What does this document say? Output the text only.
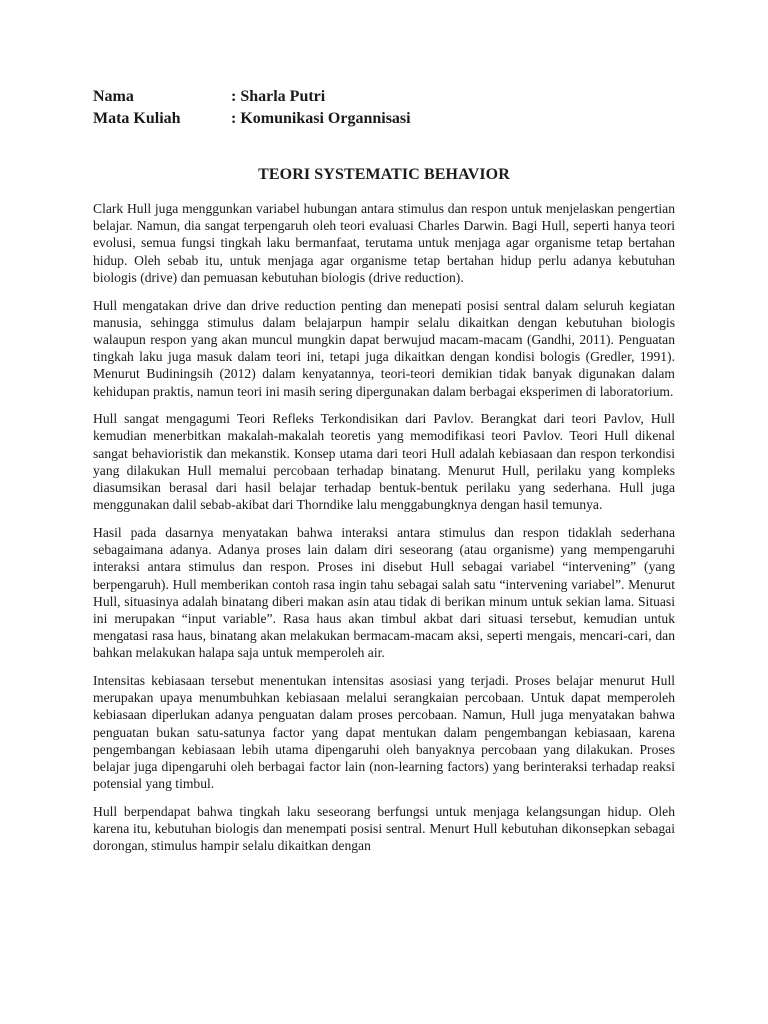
Nama	: Sharla Putri
Mata Kuliah	: Komunikasi Organnisasi
TEORI SYSTEMATIC BEHAVIOR

Clark Hull juga menggunkan variabel hubungan antara stimulus dan respon untuk menjelaskan pengertian belajar. Namun, dia sangat terpengaruh oleh teori evaluasi Charles Darwin. Bagi Hull, seperti hanya teori evolusi, semua fungsi tingkah laku bermanfaat, terutama untuk menjaga agar organisme tetap bertahan hidup. Oleh sebab itu, untuk menjaga agar organisme tetap bertahan hidup perlu adanya kebutuhan biologis (drive) dan pemuasan kebutuhan biologis (drive reduction).

Hull mengatakan drive dan drive reduction penting dan menepati posisi sentral dalam seluruh kegiatan manusia, sehingga stimulus dalam belajarpun hampir selalu dikaitkan dengan kebutuhan biologis walaupun respon yang akan muncul mungkin dapat berwujud macam-macam (Gandhi, 2011). Penguatan tingkah laku juga masuk dalam teori ini, tetapi juga dikaitkan dengan kondisi bologis (Gredler, 1991). Menurut Budiningsih (2012) dalam kenyatannya, teori-teori demikian tidak banyak digunakan dalam kehidupan praktis, namun teori ini masih sering dipergunakan dalam berbagai eksperimen di laboratorium.

Hull sangat mengagumi Teori Refleks Terkondisikan dari Pavlov. Berangkat dari teori Pavlov, Hull kemudian menerbitkan makalah-makalah teoretis yang memodifikasi teori Pavlov. Teori Hull dikenal sangat behavioristik dan mekanstik. Konsep utama dari teori Hull adalah kebiasaan dan respon terkondisi yang dilakukan Hull memalui percobaan terhadap binatang. Menurut Hull, perilaku yang kompleks diasumsikan berasal dari hasil belajar terhadap bentuk-bentuk perilaku yang sederhana. Hull juga menggunakan dalil sebab-akibat dari Thorndike lalu menggabungknya dengan hasil temunya.

Hasil pada dasarnya menyatakan bahwa interaksi antara stimulus dan respon tidaklah sederhana sebagaimana adanya. Adanya proses lain dalam diri seseorang (atau organisme) yang mempengaruhi interaksi antara stimulus dan respon. Proses ini disebut Hull sebagai variabel “intervening” (yang berpengaruh). Hull memberikan contoh rasa ingin tahu sebagai salah satu “intervening variabel”. Menurut Hull, situasinya adalah binatang diberi makan asin atau tidak di berikan minum untuk sekian lama. Situasi ini merupakan “input variable”. Rasa haus akan timbul akbat dari situasi tersebut, kemudian untuk mengatasi rasa haus, binatang akan melakukan bermacam-macam aksi, seperti mengais, mencari-cari, dan bahkan melakukan halapa saja untuk memperoleh air.

Intensitas kebiasaan tersebut menentukan intensitas asosiasi yang terjadi. Proses belajar menurut Hull merupakan upaya menumbuhkan kebiasaan melalui serangkaian percobaan. Untuk dapat memperoleh kebiasaan diperlukan adanya penguatan dalam proses percobaan. Namun, Hull juga menyatakan bahwa penguatan bukan satu-satunya factor yang dapat mentukan dalam pengembangan kebiasaan, karena pengembangan kebiasaan lebih utama dipengaruhi oleh banyaknya percobaan yang dilakukan. Proses belajar juga dipengaruhi oleh berbagai factor lain (non-learning factors) yang berinteraksi terhadap reaksi potensial yang timbul.

Hull berpendapat bahwa tingkah laku seseorang berfungsi untuk menjaga kelangsungan hidup. Oleh karena itu, kebutuhan biologis dan menempati posisi sentral. Menurt Hull kebutuhan dikonsepkan sebagai dorongan, stimulus hampir selalu dikaitkan dengan
